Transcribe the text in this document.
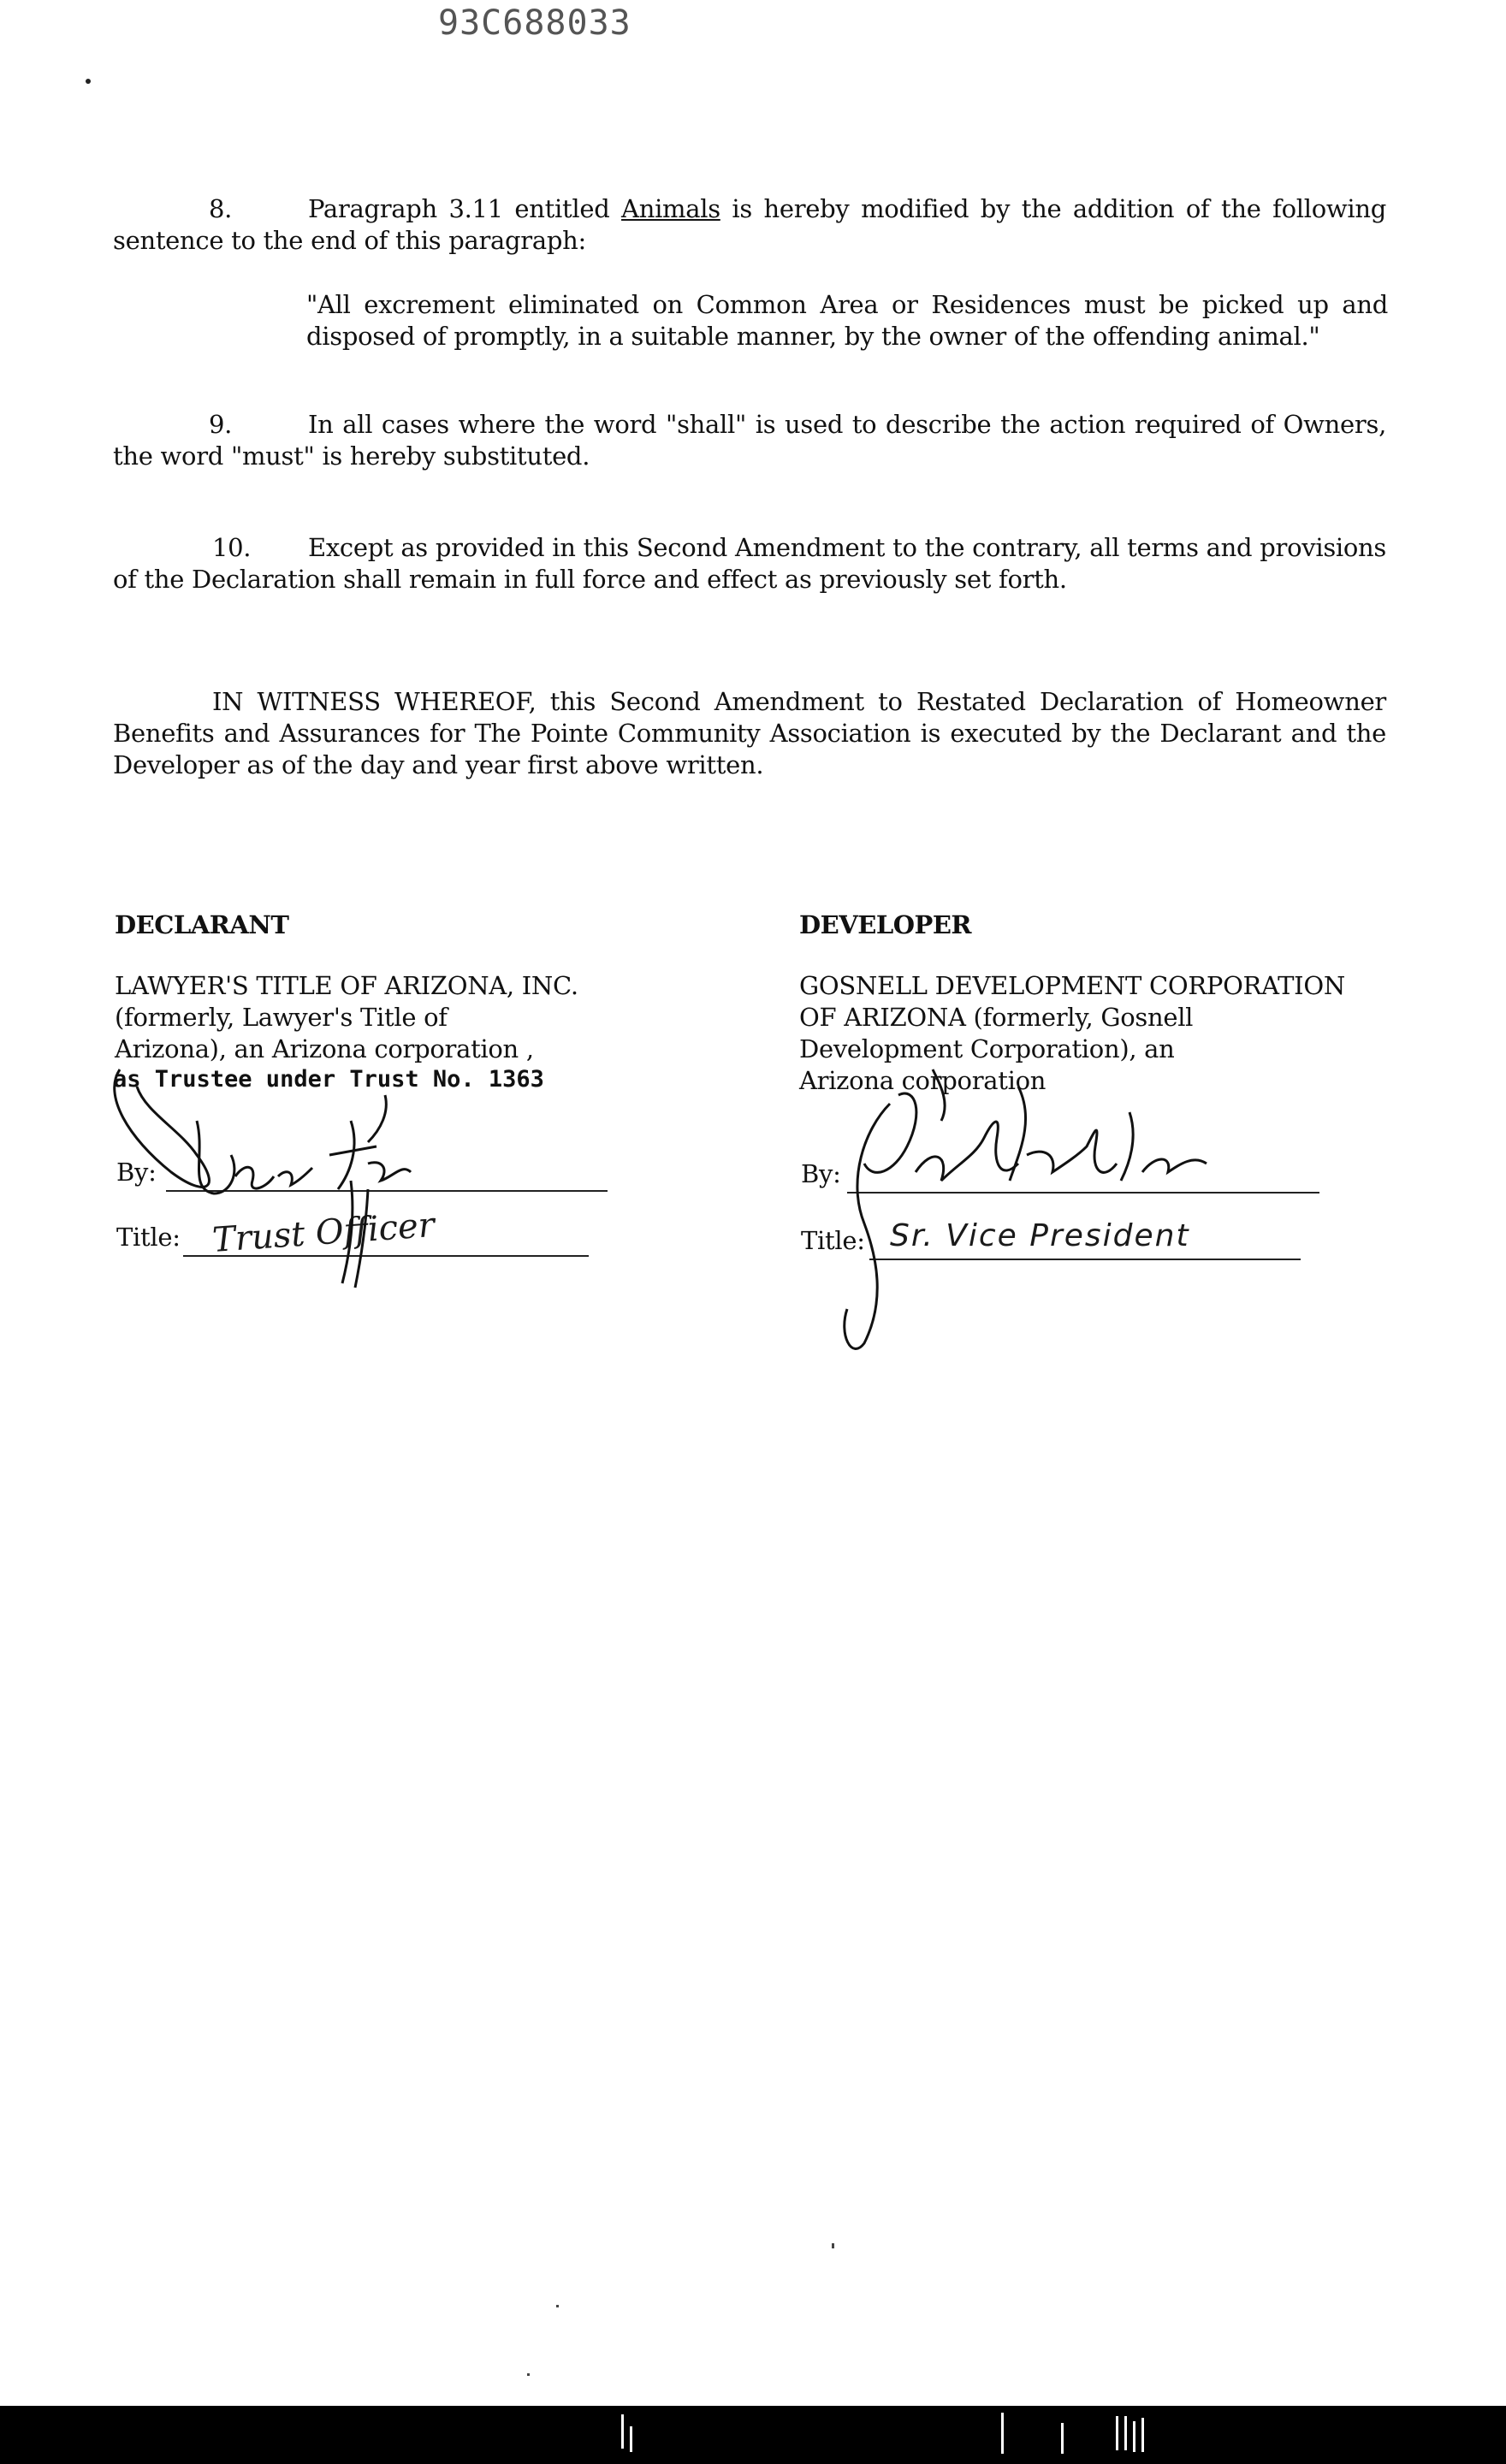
93C688033
8.	Paragraph 3.11 entitled Animals is hereby modified by the addition of the following sentence to the end of this paragraph:
"All excrement eliminated on Common Area or Residences must be picked up and disposed of promptly, in a suitable manner, by the owner of the offending animal."
9.	In all cases where the word "shall" is used to describe the action required of Owners, the word "must" is hereby substituted.
10. Except as provided in this Second Amendment to the contrary, all terms and provisions of the Declaration shall remain in full force and effect as previously set forth.
IN WITNESS WHEREOF, this Second Amendment to Restated Declaration of Homeowner Benefits and Assurances for The Pointe Community Association is executed by the Declarant and the Developer as of the day and year first above written.
DECLARANT
LAWYER'S TITLE OF ARIZONA, INC.
(formerly, Lawyer's Title of
Arizona), an Arizona corporation ,
as Trustee under Trust No. 1363
By:
Title: Trust Officer
DEVELOPER
GOSNELL DEVELOPMENT CORPORATION
OF ARIZONA (formerly, Gosnell
Development Corporation), an
Arizona corporation
By:
Title: Sr. Vice President
